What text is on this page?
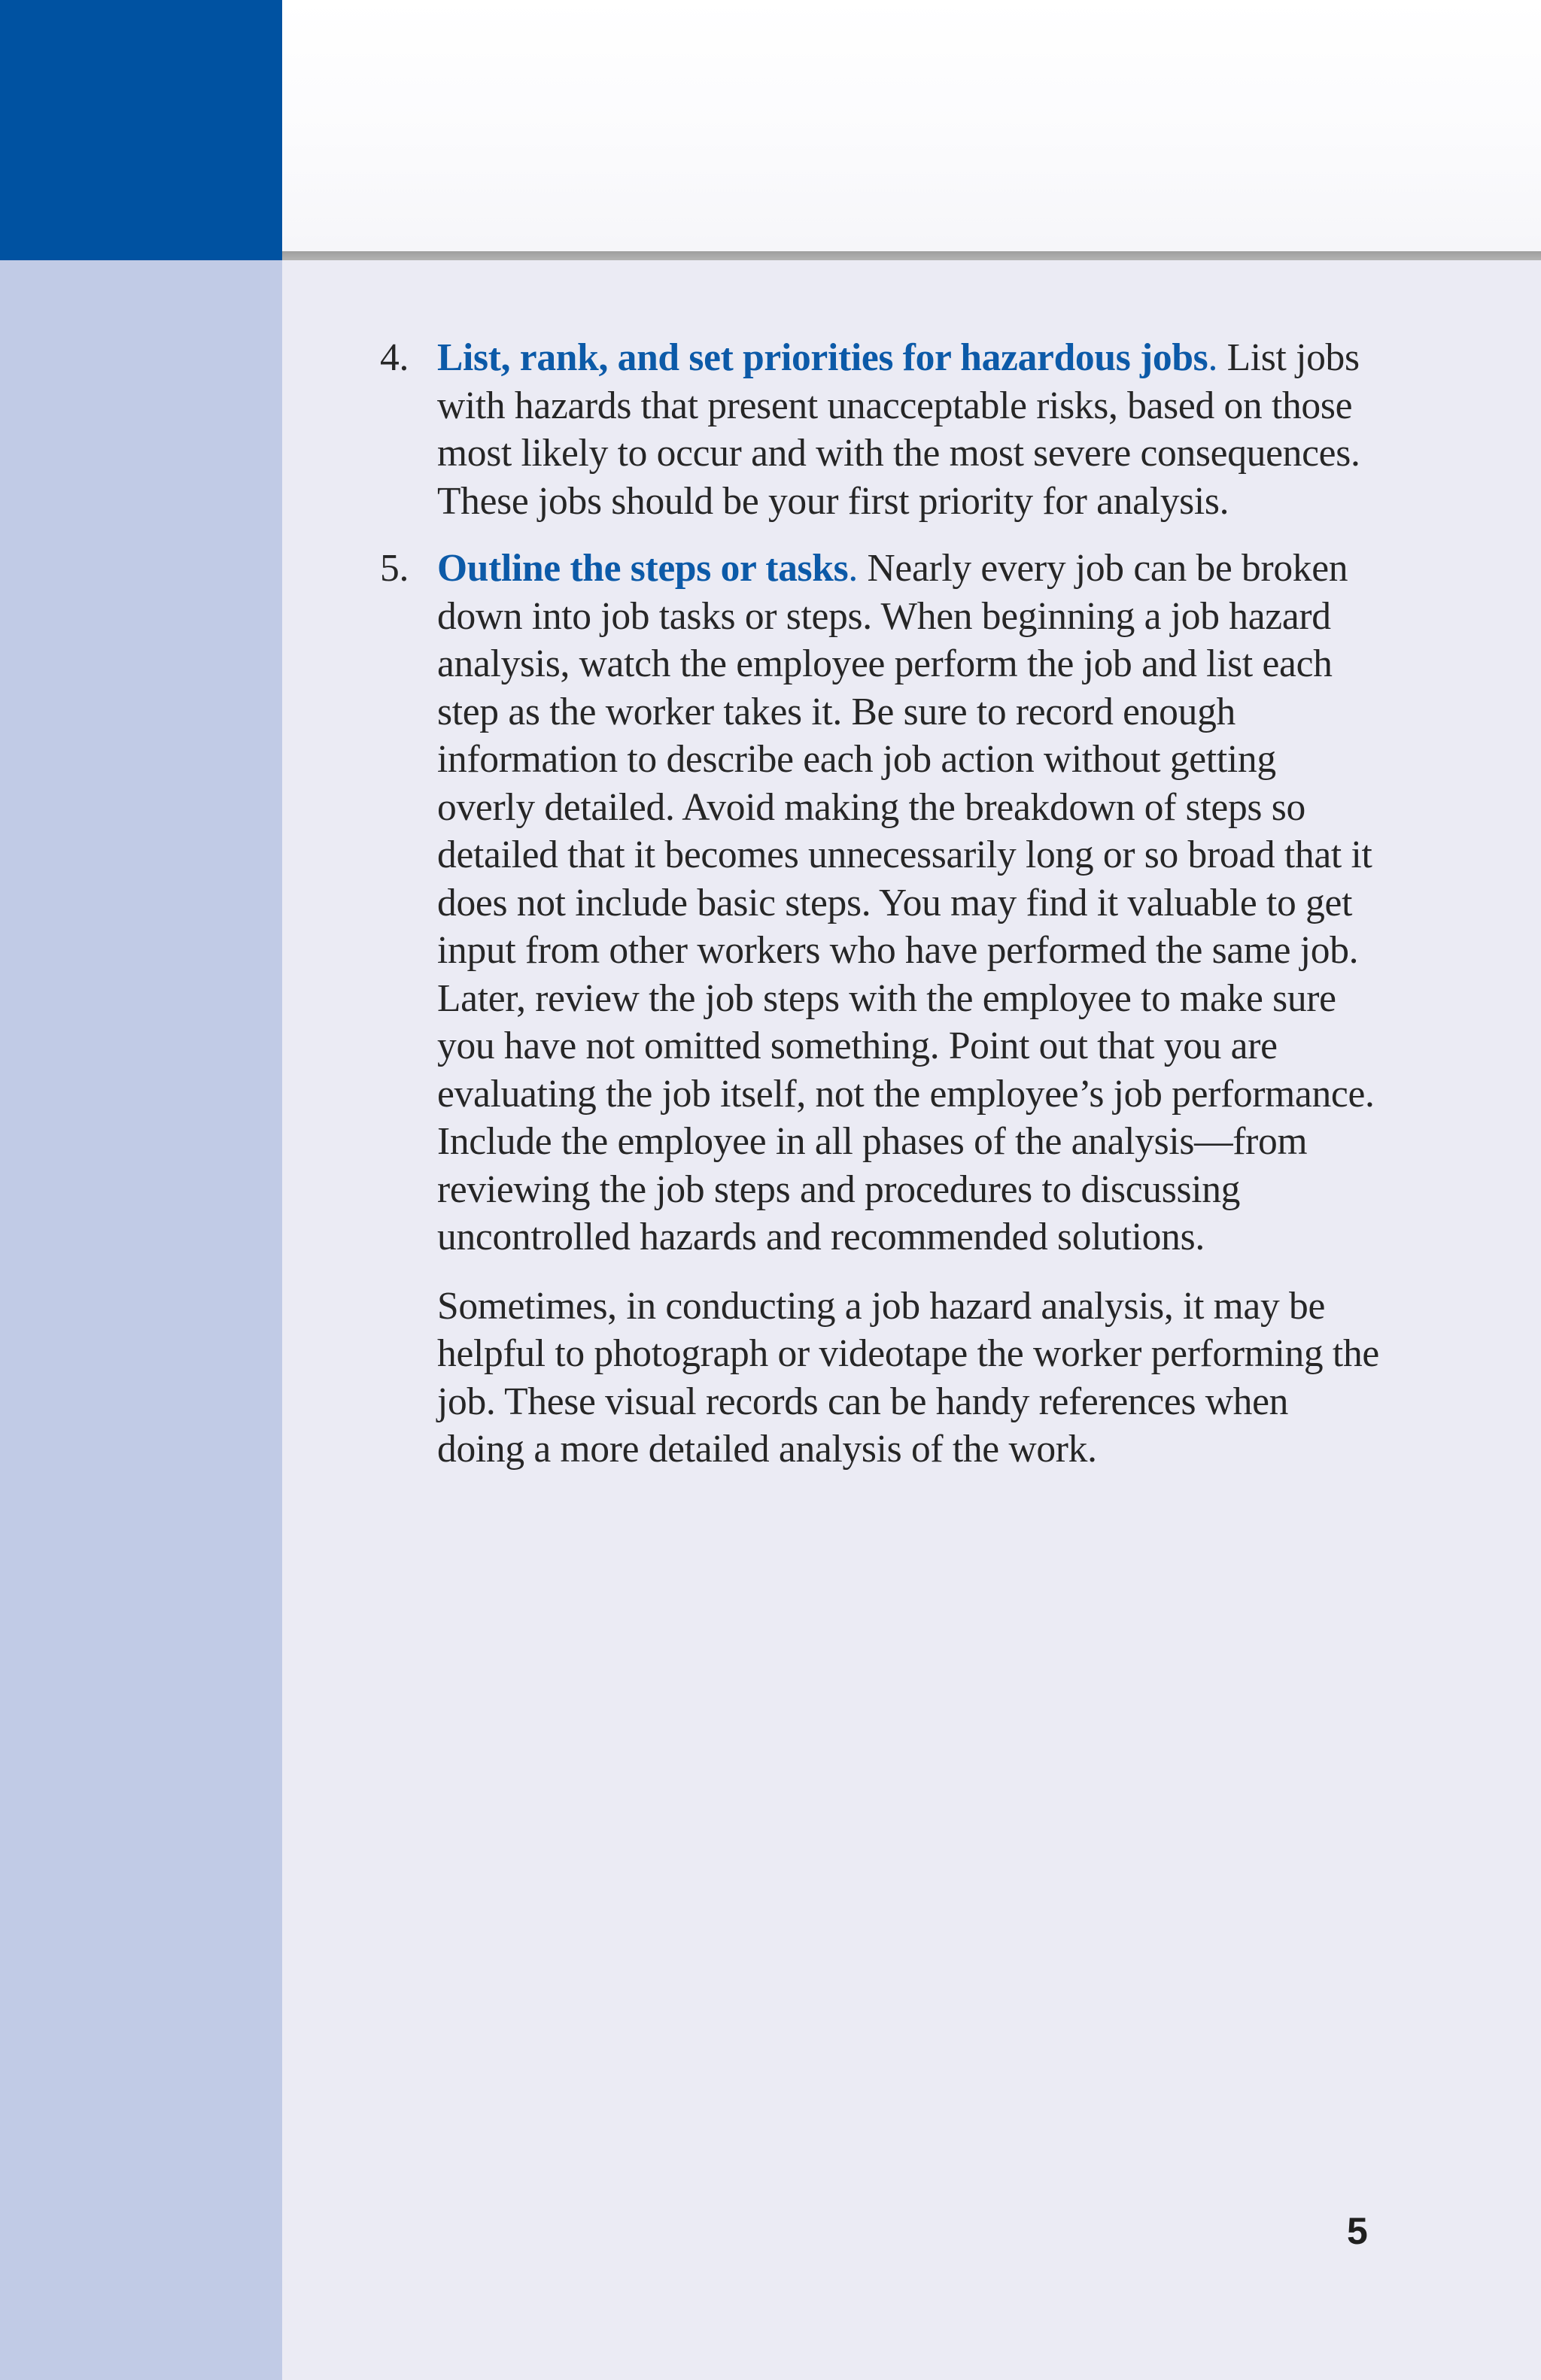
4. List, rank, and set priorities for hazardous jobs. List jobs with hazards that present unacceptable risks, based on those most likely to occur and with the most severe consequences. These jobs should be your first priority for analysis.
5. Outline the steps or tasks. Nearly every job can be broken down into job tasks or steps. When beginning a job hazard analysis, watch the employee perform the job and list each step as the worker takes it. Be sure to record enough information to describe each job action without getting overly detailed. Avoid making the breakdown of steps so detailed that it becomes unnecessarily long or so broad that it does not include basic steps. You may find it valuable to get input from other workers who have performed the same job. Later, review the job steps with the employee to make sure you have not omitted something. Point out that you are evaluating the job itself, not the employee’s job performance. Include the employee in all phases of the analysis—from reviewing the job steps and procedures to discussing uncontrolled hazards and recommended solutions.
Sometimes, in conducting a job hazard analysis, it may be helpful to photograph or videotape the worker performing the job. These visual records can be handy references when doing a more detailed analysis of the work.
5
